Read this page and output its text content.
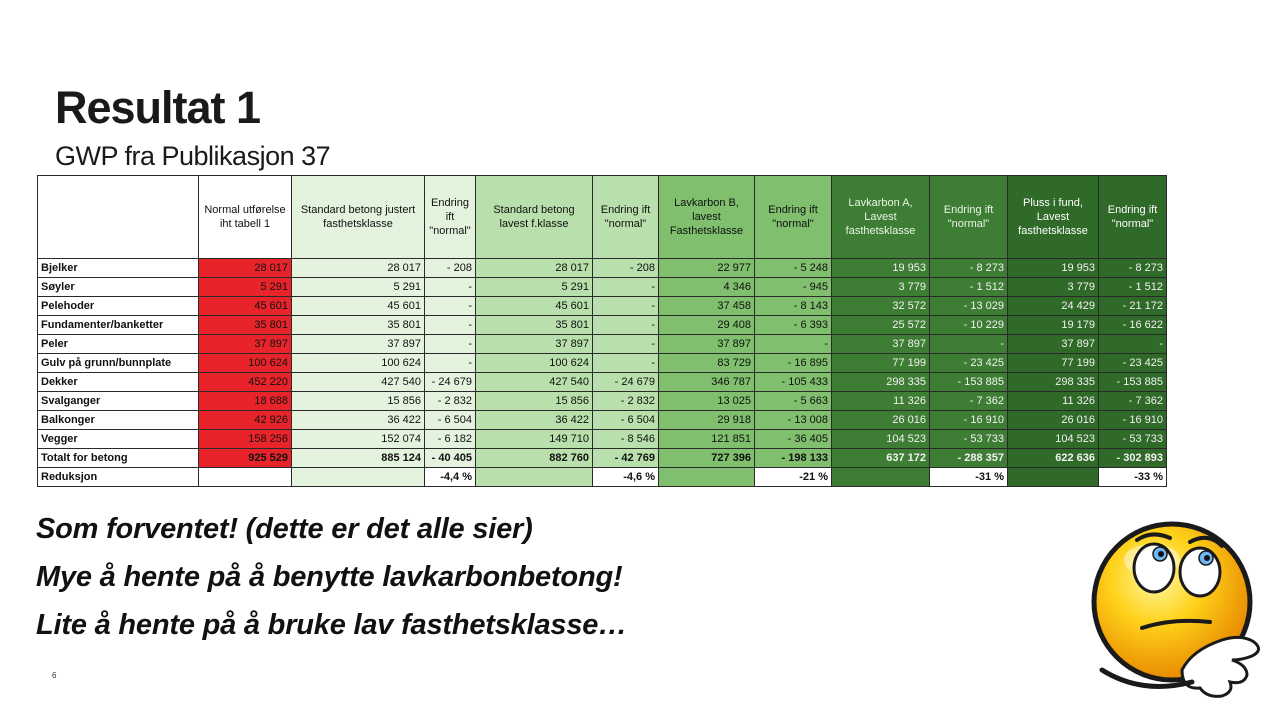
Resultat 1
GWP fra Publikasjon 37
	Normal utførelse iht tabell 1	Standard betong justert fasthetsklasse	Endring ift "normal"	Standard betong lavest f.klasse	Endring ift "normal"	Lavkarbon B, lavest Fasthetsklasse	Endring ift "normal"	Lavkarbon A, Lavest fasthetsklasse	Endring ift "normal"	Pluss i fund, Lavest fasthetsklasse	Endring ift "normal"
Bjelker	28 017	28 017	- 208	28 017	- 208	22 977	- 5 248	19 953	- 8 273	19 953	- 8 273
Søyler	5 291	5 291	-	5 291	-	4 346	- 945	3 779	- 1 512	3 779	- 1 512
Pelehoder	45 601	45 601	-	45 601	-	37 458	- 8 143	32 572	- 13 029	24 429	- 21 172
Fundamenter/banketter	35 801	35 801	-	35 801	-	29 408	- 6 393	25 572	- 10 229	19 179	- 16 622
Peler	37 897	37 897	-	37 897	-	37 897	-	37 897	-	37 897	-
Gulv på grunn/bunnplate	100 624	100 624	-	100 624	-	83 729	- 16 895	77 199	- 23 425	77 199	- 23 425
Dekker	452 220	427 540	- 24 679	427 540	- 24 679	346 787	- 105 433	298 335	- 153 885	298 335	- 153 885
Svalganger	18 688	15 856	- 2 832	15 856	- 2 832	13 025	- 5 663	11 326	- 7 362	11 326	- 7 362
Balkonger	42 926	36 422	- 6 504	36 422	- 6 504	29 918	- 13 008	26 016	- 16 910	26 016	- 16 910
Vegger	158 256	152 074	- 6 182	149 710	- 8 546	121 851	- 36 405	104 523	- 53 733	104 523	- 53 733
Totalt for betong	925 529	885 124	- 40 405	882 760	- 42 769	727 396	- 198 133	637 172	- 288 357	622 636	- 302 893
Reduksjon			-4,4 %		-4,6 %		-21 %		-31 %		-33 %
Som forventet! (dette er det alle sier)
Mye å hente på å benytte lavkarbonbetong!
Lite å hente på å bruke lav fasthetsklasse…
6
